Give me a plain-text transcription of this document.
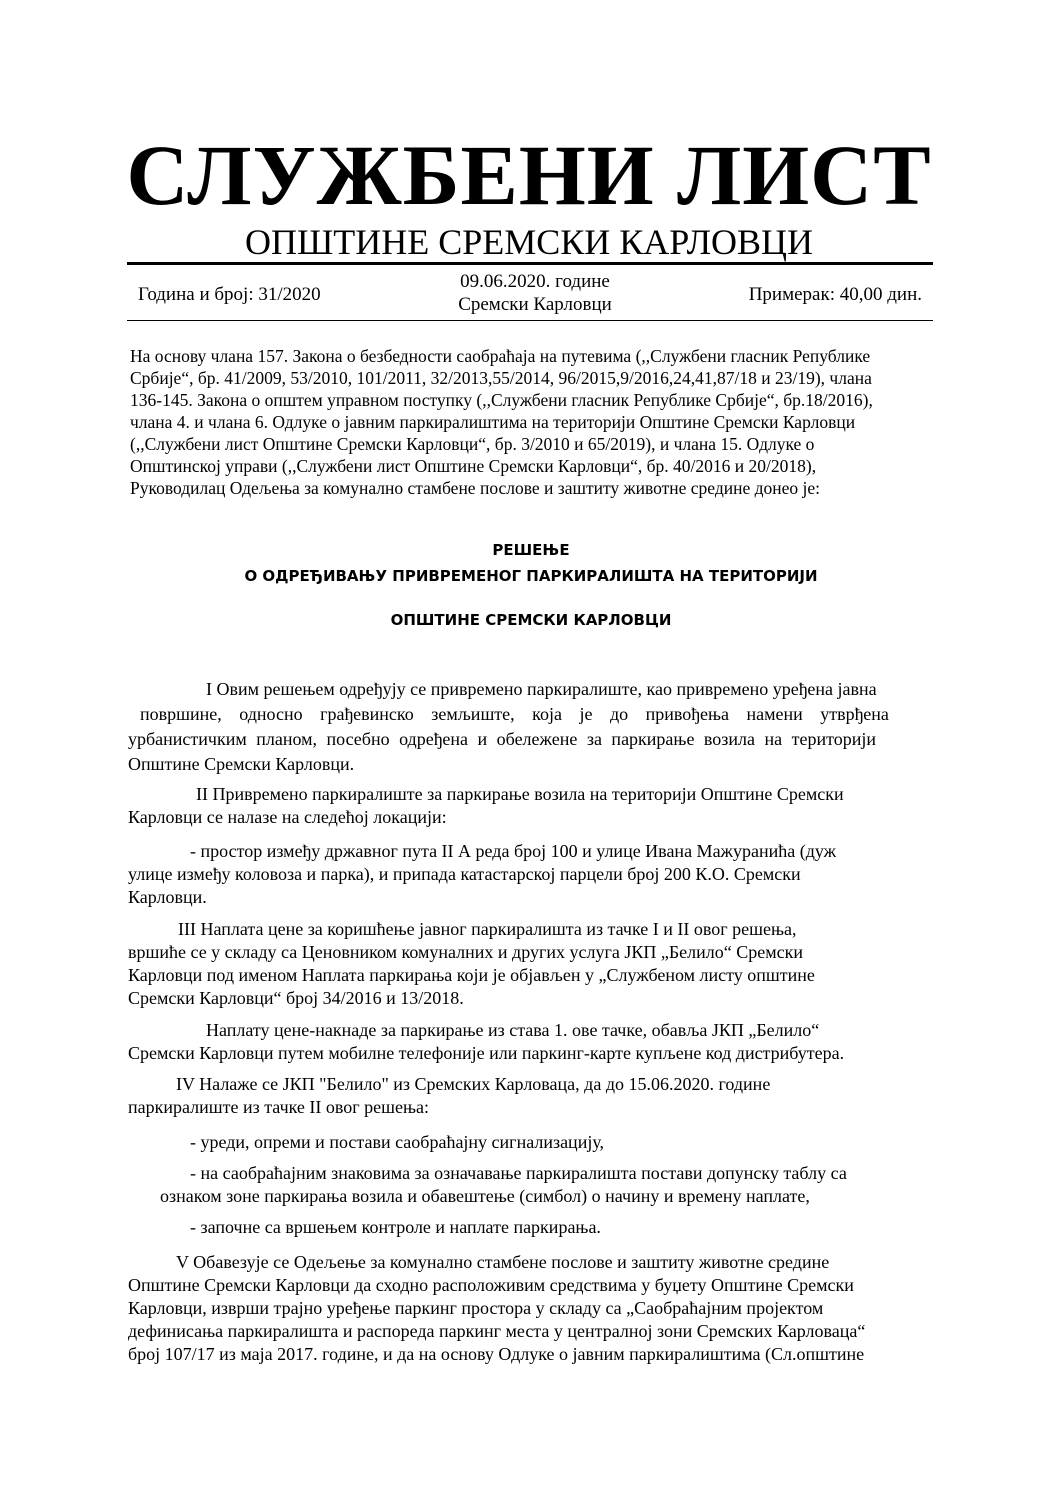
СЛУЖБЕНИ ЛИСТ
ОПШТИНЕ СРЕМСКИ КАРЛОВЦИ
Година и број: 31/2020
09.06.2020. године
Сремски Карловци	Примерак: 40,00 дин.
На основу члана 157. Закона о безбедности саобраћаја на путевима (,,Службени гласник Републике
Србије“, бр. 41/2009, 53/2010, 101/2011, 32/2013,55/2014, 96/2015,9/2016,24,41,87/18 и 23/19), члана
136-145. Закона о општем управном поступку (,,Службени гласник Републике Србије“, бр.18/2016),
члана 4. и члана 6. Одлуке о јавним паркиралиштима на територији Општине Сремски Карловци
(,,Службени лист Општине Сремски Карловци“, бр. 3/2010 и 65/2019), и члана 15. Одлуке о
Општинској управи (,,Службени лист Општине Сремски Карловци“, бр. 40/2016 и 20/2018),
Руководилац Одељења за комунално стамбене послове и заштиту животне средине донео је:
РЕШЕЊЕ
О ОДРЕЂИВАЊУ ПРИВРЕМЕНОГ ПАРКИРАЛИШТА НА ТЕРИТОРИЈИ
ОПШТИНЕ СРЕМСКИ КАРЛОВЦИ
I Овим решењем одређују се привремено паркиралиште, као привремено уређена јавна
површине, односно грађевинско земљиште, која је до привођења намени утврђена
урбанистичким планом, посебно одређена и обележене за паркирање возила на територији
Општине Сремски Карловци.
II Привремено паркиралиште за паркирање возила на територији Општине Сремски
Карловци се налазе на следећој локацији:
- простор између државног пута II А реда број 100 и улице Ивана Мажуранића (дуж
улице између коловоза и парка), и припада катастарској парцели број 200 К.О. Сремски
Карловци.
III Наплата цене за коришћење јавног паркиралишта из тачке I и II овог решења,
вршиће се у складу са Ценовником комуналних и других услуга ЈКП „Белило“ Сремски
Карловци под именом Наплата паркирања који је објављен у „Службеном листу општине
Сремски Карловци“ број 34/2016 и 13/2018.
Наплату цене-накнаде за паркирање из става 1. ове тачке, обавља ЈКП „Белило“
Сремски Карловци путем мобилне телефоније или паркинг-карте купљене код дистрибутера.
IV Налаже се ЈКП "Белило" из Сремских Карловаца, да до 15.06.2020. године
паркиралиште из тачке II овог решења:
- уреди, опреми и постави саобраћајну сигнализацију,
- на саобраћајним знаковима за означавање паркиралишта постави допунску таблу са
ознаком зоне паркирања возила и обавештење (симбол) о начину и времену наплате,
- започне са вршењем контроле и наплате паркирања.
V Обавезује се Одељење за комунално стамбене послове и заштиту животне средине
Општине Сремски Карловци да сходно расположивим средствима у буџету Општине Сремски
Карловци, изврши трајно уређење паркинг простора у складу са „Саобраћајним пројектом
дефинисања паркиралишта и распореда паркинг места у централној зони Сремских Карловаца“
број 107/17 из маја 2017. године, и да на основу Одлуке о јавним паркиралиштима (Сл.општине
